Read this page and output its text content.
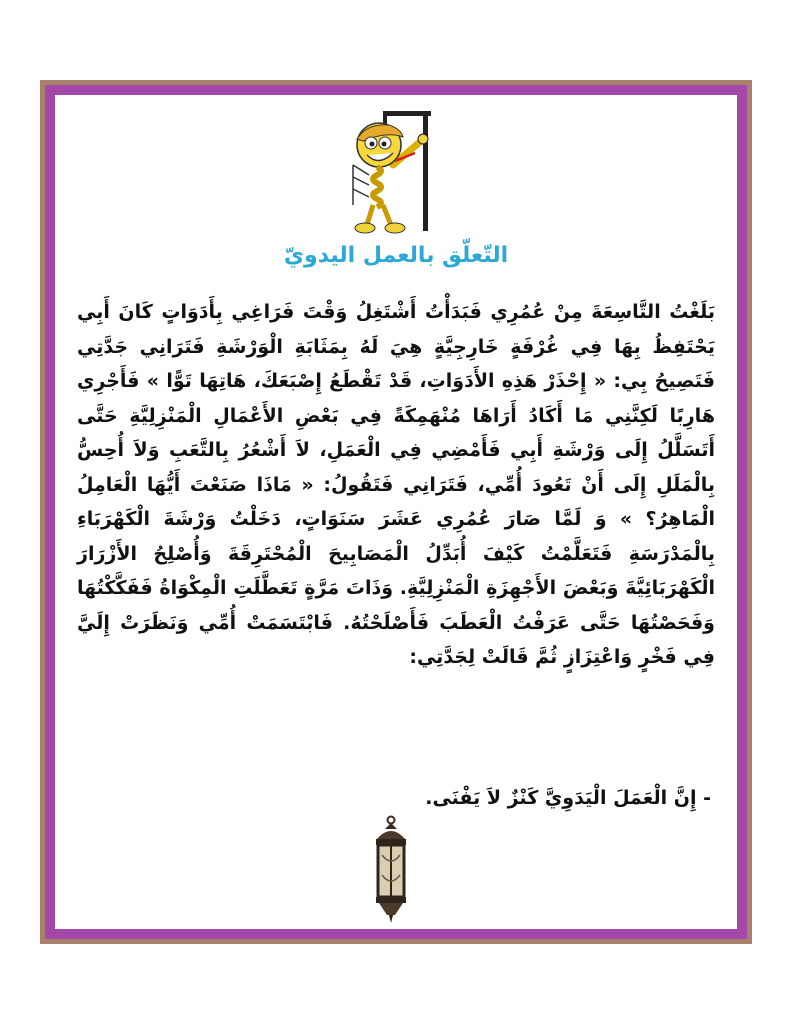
التّعلّق بالعمل اليدويّ

بَلَغْتُ التَّاسِعَةَ مِنْ عُمُرِي فَبَدَأْتُ أَشْتَغِلُ وَقْتَ فَرَاغِي بِأَدَوَاتٍ كَانَ أَبِي يَحْتَفِظُ بِهَا فِي غُرْفَةٍ خَارِجِيَّةٍ هِيَ لَهُ بِمَثَابَةِ الْوَرْشَةِ فَتَرَانِي جَدَّتِي فَتَصِيحُ بِي: « إِحْذَرْ هَذِهِ الأَدَوَاتِ، قَدْ تَقْطَعُ إِصْبَعَكَ، هَاتِهَا تَوًّا » فَأَجْرِي هَارِبًا لَكِنَّنِي مَا أَكَادُ أَرَاهَا مُنْهَمِكَةً فِي بَعْضِ الأَعْمَالِ الْمَنْزِلِيَّةِ حَتَّى أَتَسَلَّلُ إِلَى وَرْشَةِ أَبِي فَأَمْضِي فِي الْعَمَلِ، لاَ أَشْعُرُ بِالتَّعَبِ وَلاَ أُحِسُّ بِالْمَلَلِ إِلَى أَنْ تَعُودَ أُمِّي، فَتَرَانِي فَتَقُولُ: « مَاذَا صَنَعْتَ أَيُّهَا الْعَامِلُ الْمَاهِرُ؟ » وَ لَمَّا صَارَ عُمُرِي عَشَرَ سَنَوَاتٍ، دَخَلْتُ وَرْشَةَ الْكَهْرَبَاءِ بِالْمَدْرَسَةِ فَتَعَلَّمْتُ كَيْفَ أُبَدِّلُ الْمَصَابِيحَ الْمُحْتَرِقَةَ وَأُصْلِحُ الأَزْرَارَ الْكَهْرَبَائِيَّةَ وَبَعْضَ الأَجْهِزَةِ الْمَنْزِلِيَّةِ. وَذَاتَ مَرَّةٍ تَعَطَّلَتِ الْمِكْوَاةُ فَفَكَّكْتُهَا وَفَحَصْتُهَا حَتَّى عَرَفْتُ الْعَطَبَ فَأَصْلَحْتُهُ. فَابْتَسَمَتْ أُمِّي وَنَظَرَتْ إِلَيَّ فِي فَخْرٍ وَاعْتِزَازٍ ثُمَّ قَالَتْ لِجَدَّتِي:

- إِنَّ الْعَمَلَ الْيَدَوِيَّ كَنْزٌ لاَ يَفْنَى.
